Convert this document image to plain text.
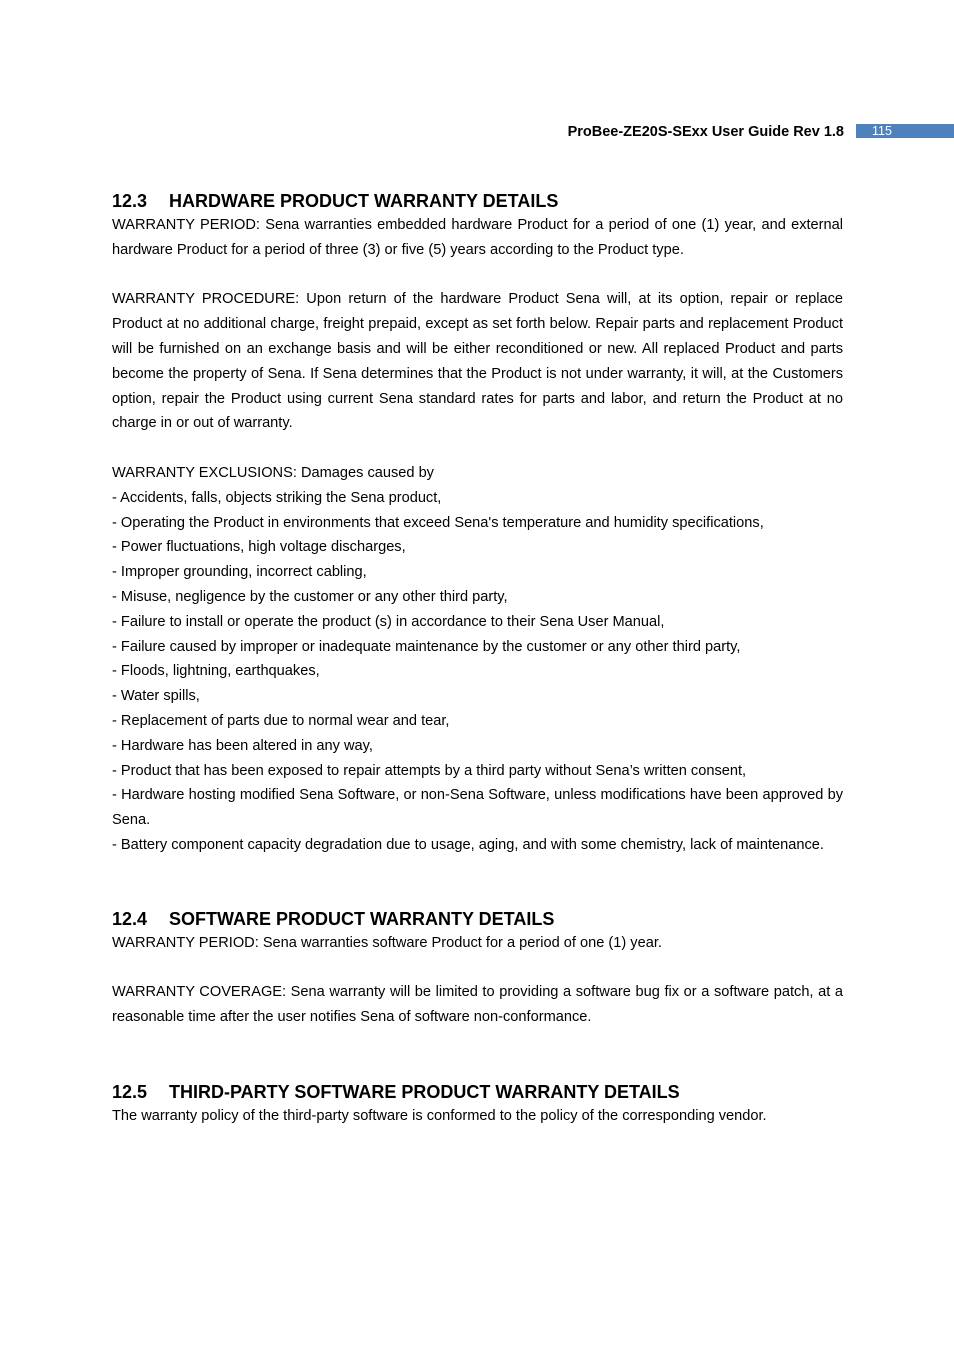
ProBee-ZE20S-SExx User Guide Rev 1.8	115
12.3 HARDWARE PRODUCT WARRANTY DETAILS

WARRANTY PERIOD: Sena warranties embedded hardware Product for a period of one (1) year, and external hardware Product for a period of three (3) or five (5) years according to the Product type.

WARRANTY PROCEDURE: Upon return of the hardware Product Sena will, at its option, repair or replace Product at no additional charge, freight prepaid, except as set forth below. Repair parts and replacement Product will be furnished on an exchange basis and will be either reconditioned or new. All replaced Product and parts become the property of Sena. If Sena determines that the Product is not under warranty, it will, at the Customers option, repair the Product using current Sena standard rates for parts and labor, and return the Product at no charge in or out of warranty.

WARRANTY EXCLUSIONS: Damages caused by

- Accidents, falls, objects striking the Sena product,
- Operating the Product in environments that exceed Sena's temperature and humidity specifications,
- Power fluctuations, high voltage discharges,
- Improper grounding, incorrect cabling,
- Misuse, negligence by the customer or any other third party,
- Failure to install or operate the product (s) in accordance to their Sena User Manual,
- Failure caused by improper or inadequate maintenance by the customer or any other third party,
- Floods, lightning, earthquakes,
- Water spills,
- Replacement of parts due to normal wear and tear,
- Hardware has been altered in any way,
- Product that has been exposed to repair attempts by a third party without Sena’s written consent,
- Hardware hosting modified Sena Software, or non-Sena Software, unless modifications have been approved by Sena.
- Battery component capacity degradation due to usage, aging, and with some chemistry, lack of maintenance.
12.4 SOFTWARE PRODUCT WARRANTY DETAILS

WARRANTY PERIOD: Sena warranties software Product for a period of one (1) year.

WARRANTY COVERAGE: Sena warranty will be limited to providing a software bug fix or a software patch, at a reasonable time after the user notifies Sena of software non-conformance.

12.5 THIRD-PARTY SOFTWARE PRODUCT WARRANTY DETAILS

The warranty policy of the third-party software is conformed to the policy of the corresponding vendor.
